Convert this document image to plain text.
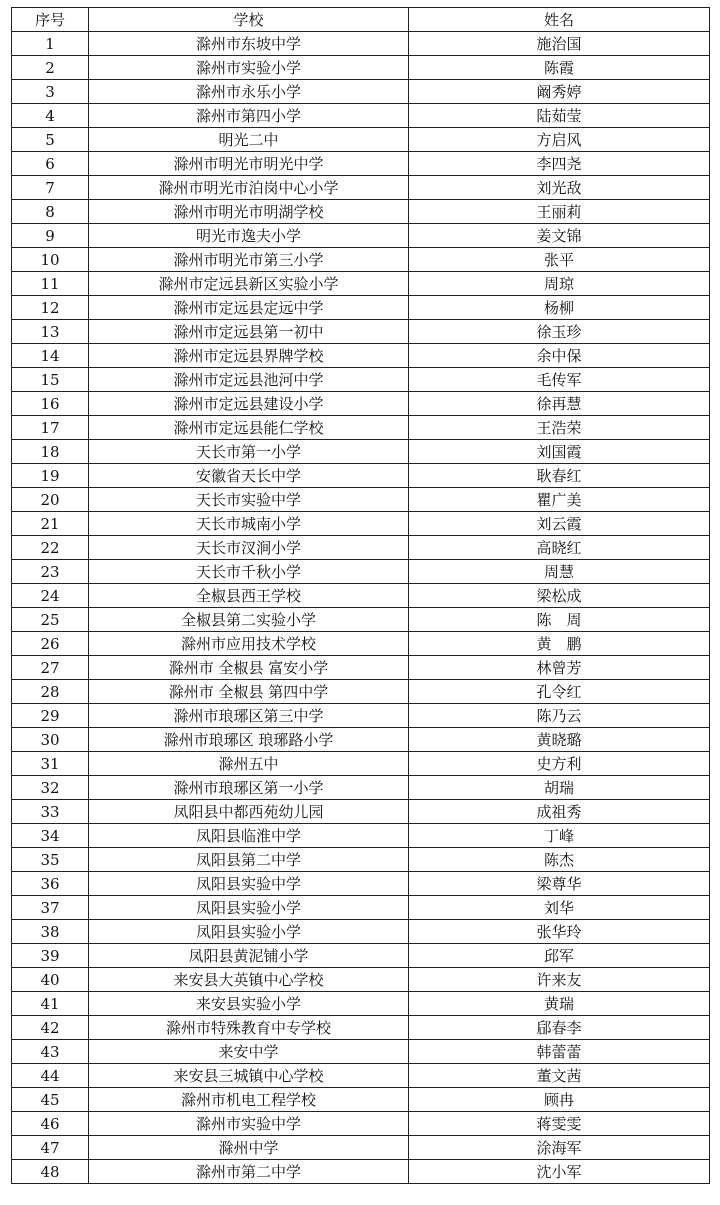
序号	学校	姓名
1	滁州市东坡中学	施治国
2	滁州市实验小学	陈霞
3	滁州市永乐小学	阚秀婷
4	滁州市第四小学	陆茹莹
5	明光二中	方启风
6	滁州市明光市明光中学	李四尧
7	滁州市明光市泊岗中心小学	刘光敌
8	滁州市明光市明湖学校	王丽莉
9	明光市逸夫小学	姜文锦
10	滁州市明光市第三小学	张平
11	滁州市定远县新区实验小学	周琼
12	滁州市定远县定远中学	杨柳
13	滁州市定远县第一初中	徐玉珍
14	滁州市定远县界牌学校	余中保
15	滁州市定远县池河中学	毛传军
16	滁州市定远县建设小学	徐再慧
17	滁州市定远县能仁学校	王浩荣
18	天长市第一小学	刘国霞
19	安徽省天长中学	耿春红
20	天长市实验中学	瞿广美
21	天长市城南小学	刘云霞
22	天长市汊涧小学	高晓红
23	天长市千秋小学	周慧
24	全椒县西王学校	梁松成
25	全椒县第二实验小学	陈　周
26	滁州市应用技术学校	黄　鹏
27	滁州市 全椒县 富安小学	林曾芳
28	滁州市 全椒县 第四中学	孔令红
29	滁州市琅琊区第三中学	陈乃云
30	滁州市琅琊区 琅琊路小学	黄晓璐
31	滁州五中	史方利
32	滁州市琅琊区第一小学	胡瑞
33	凤阳县中都西苑幼儿园	成祖秀
34	凤阳县临淮中学	丁峰
35	凤阳县第二中学	陈杰
36	凤阳县实验中学	梁尊华
37	凤阳县实验小学	刘华
38	凤阳县实验小学	张华玲
39	凤阳县黄泥铺小学	邱军
40	来安县大英镇中心学校	许来友
41	来安县实验小学	黄瑞
42	滁州市特殊教育中专学校	郈春李
43	来安中学	韩蕾蕾
44	来安县三城镇中心学校	董文茜
45	滁州市机电工程学校	顾冉
46	滁州市实验中学	蒋雯雯
47	滁州中学	涂海军
48	滁州市第二中学	沈小军
